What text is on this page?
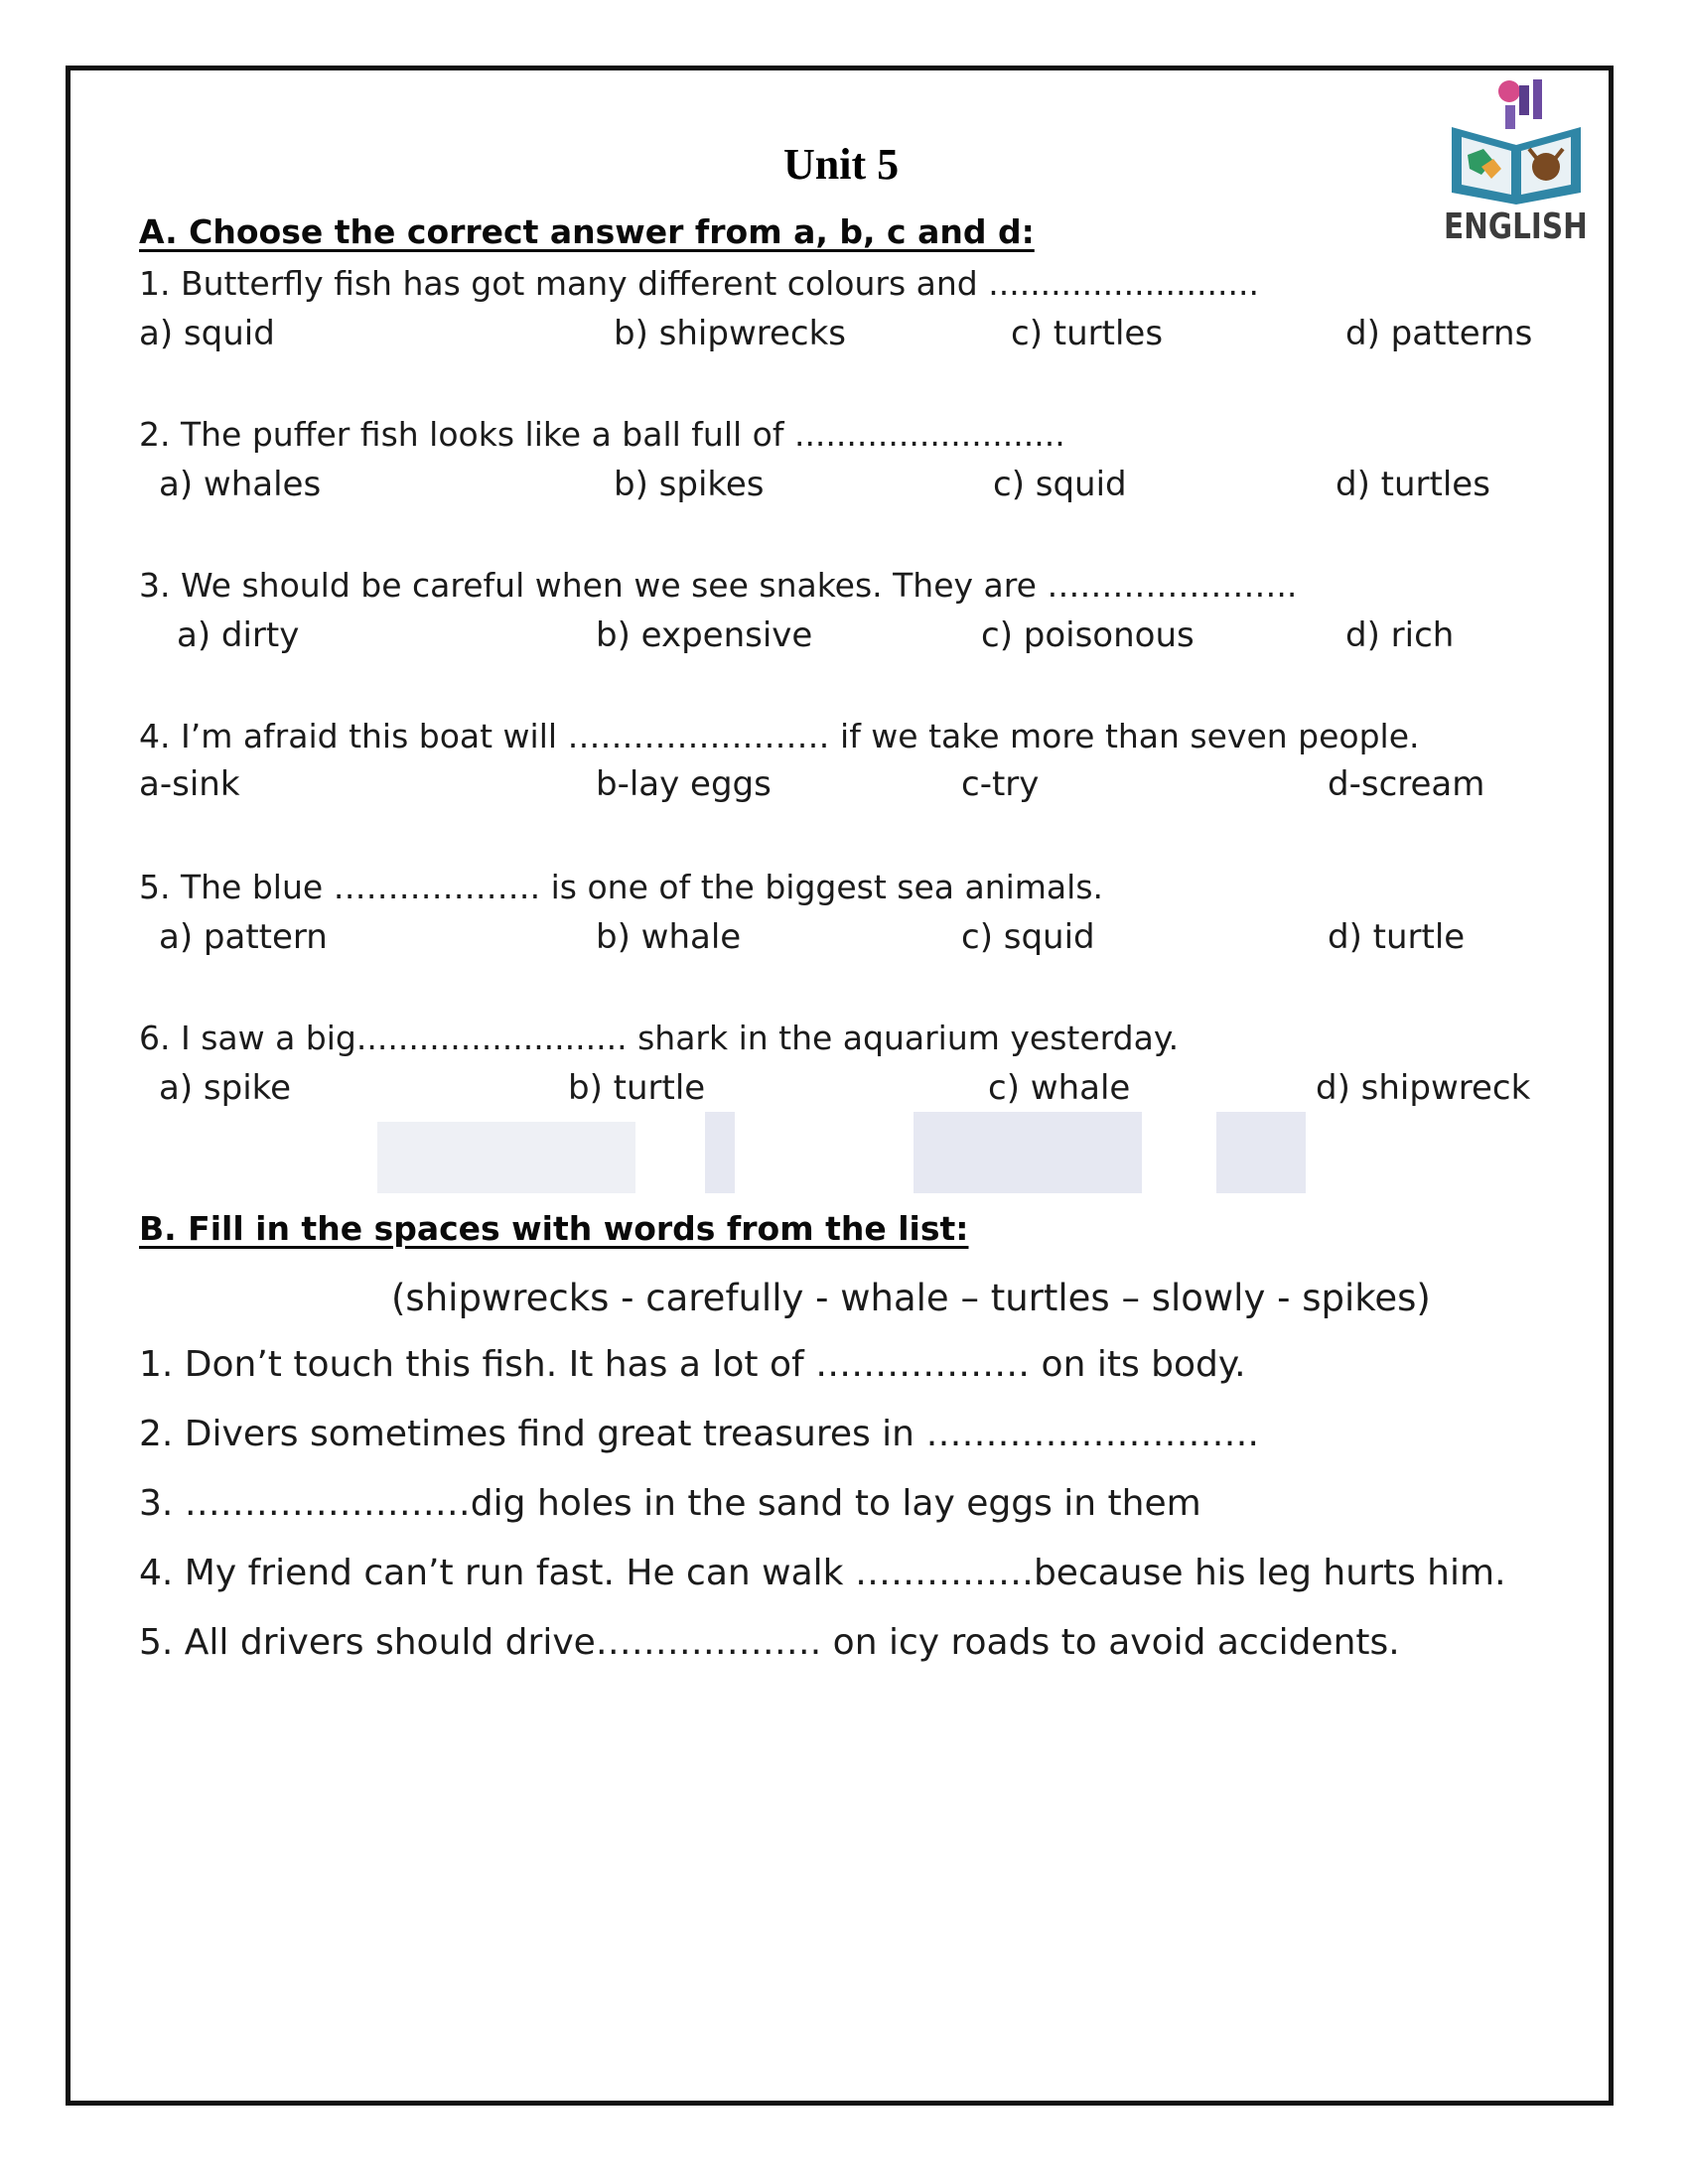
ENGLISH
Unit 5
A. Choose the correct answer from a, b, c and d:
1. Butterfly fish has got many different colours and ..........................
a) squid	b) shipwrecks	c) turtles	d) patterns
2. The puffer fish looks like a ball full of ..........................
a) whales	b) spikes	c) squid	d) turtles
3. We should be careful when we see snakes. They are …………………..
a) dirty	b) expensive	c) poisonous	d) rich
4. I’m afraid this boat will …………………… if we take more than seven people.
a-sink	b-lay eggs	c-try	d-scream
5. The blue ………………. is one of the biggest sea animals.
a) pattern	b) whale	c) squid	d) turtle
6. I saw a big.......................... shark in the aquarium yesterday.
a) spike	b) turtle	c) whale	d) shipwreck
B. Fill in the spaces with words from the list:
(shipwrecks - carefully - whale – turtles – slowly - spikes)
1. Don’t touch this fish. It has a lot of ……………… on its body.
2. Divers sometimes find great treasures in ……………………….
3. ……………………dig holes in the sand to lay eggs in them
4. My friend can’t run fast. He can walk ……………because his leg hurts him.
5. All drivers should drive………………. on icy roads to avoid accidents.
